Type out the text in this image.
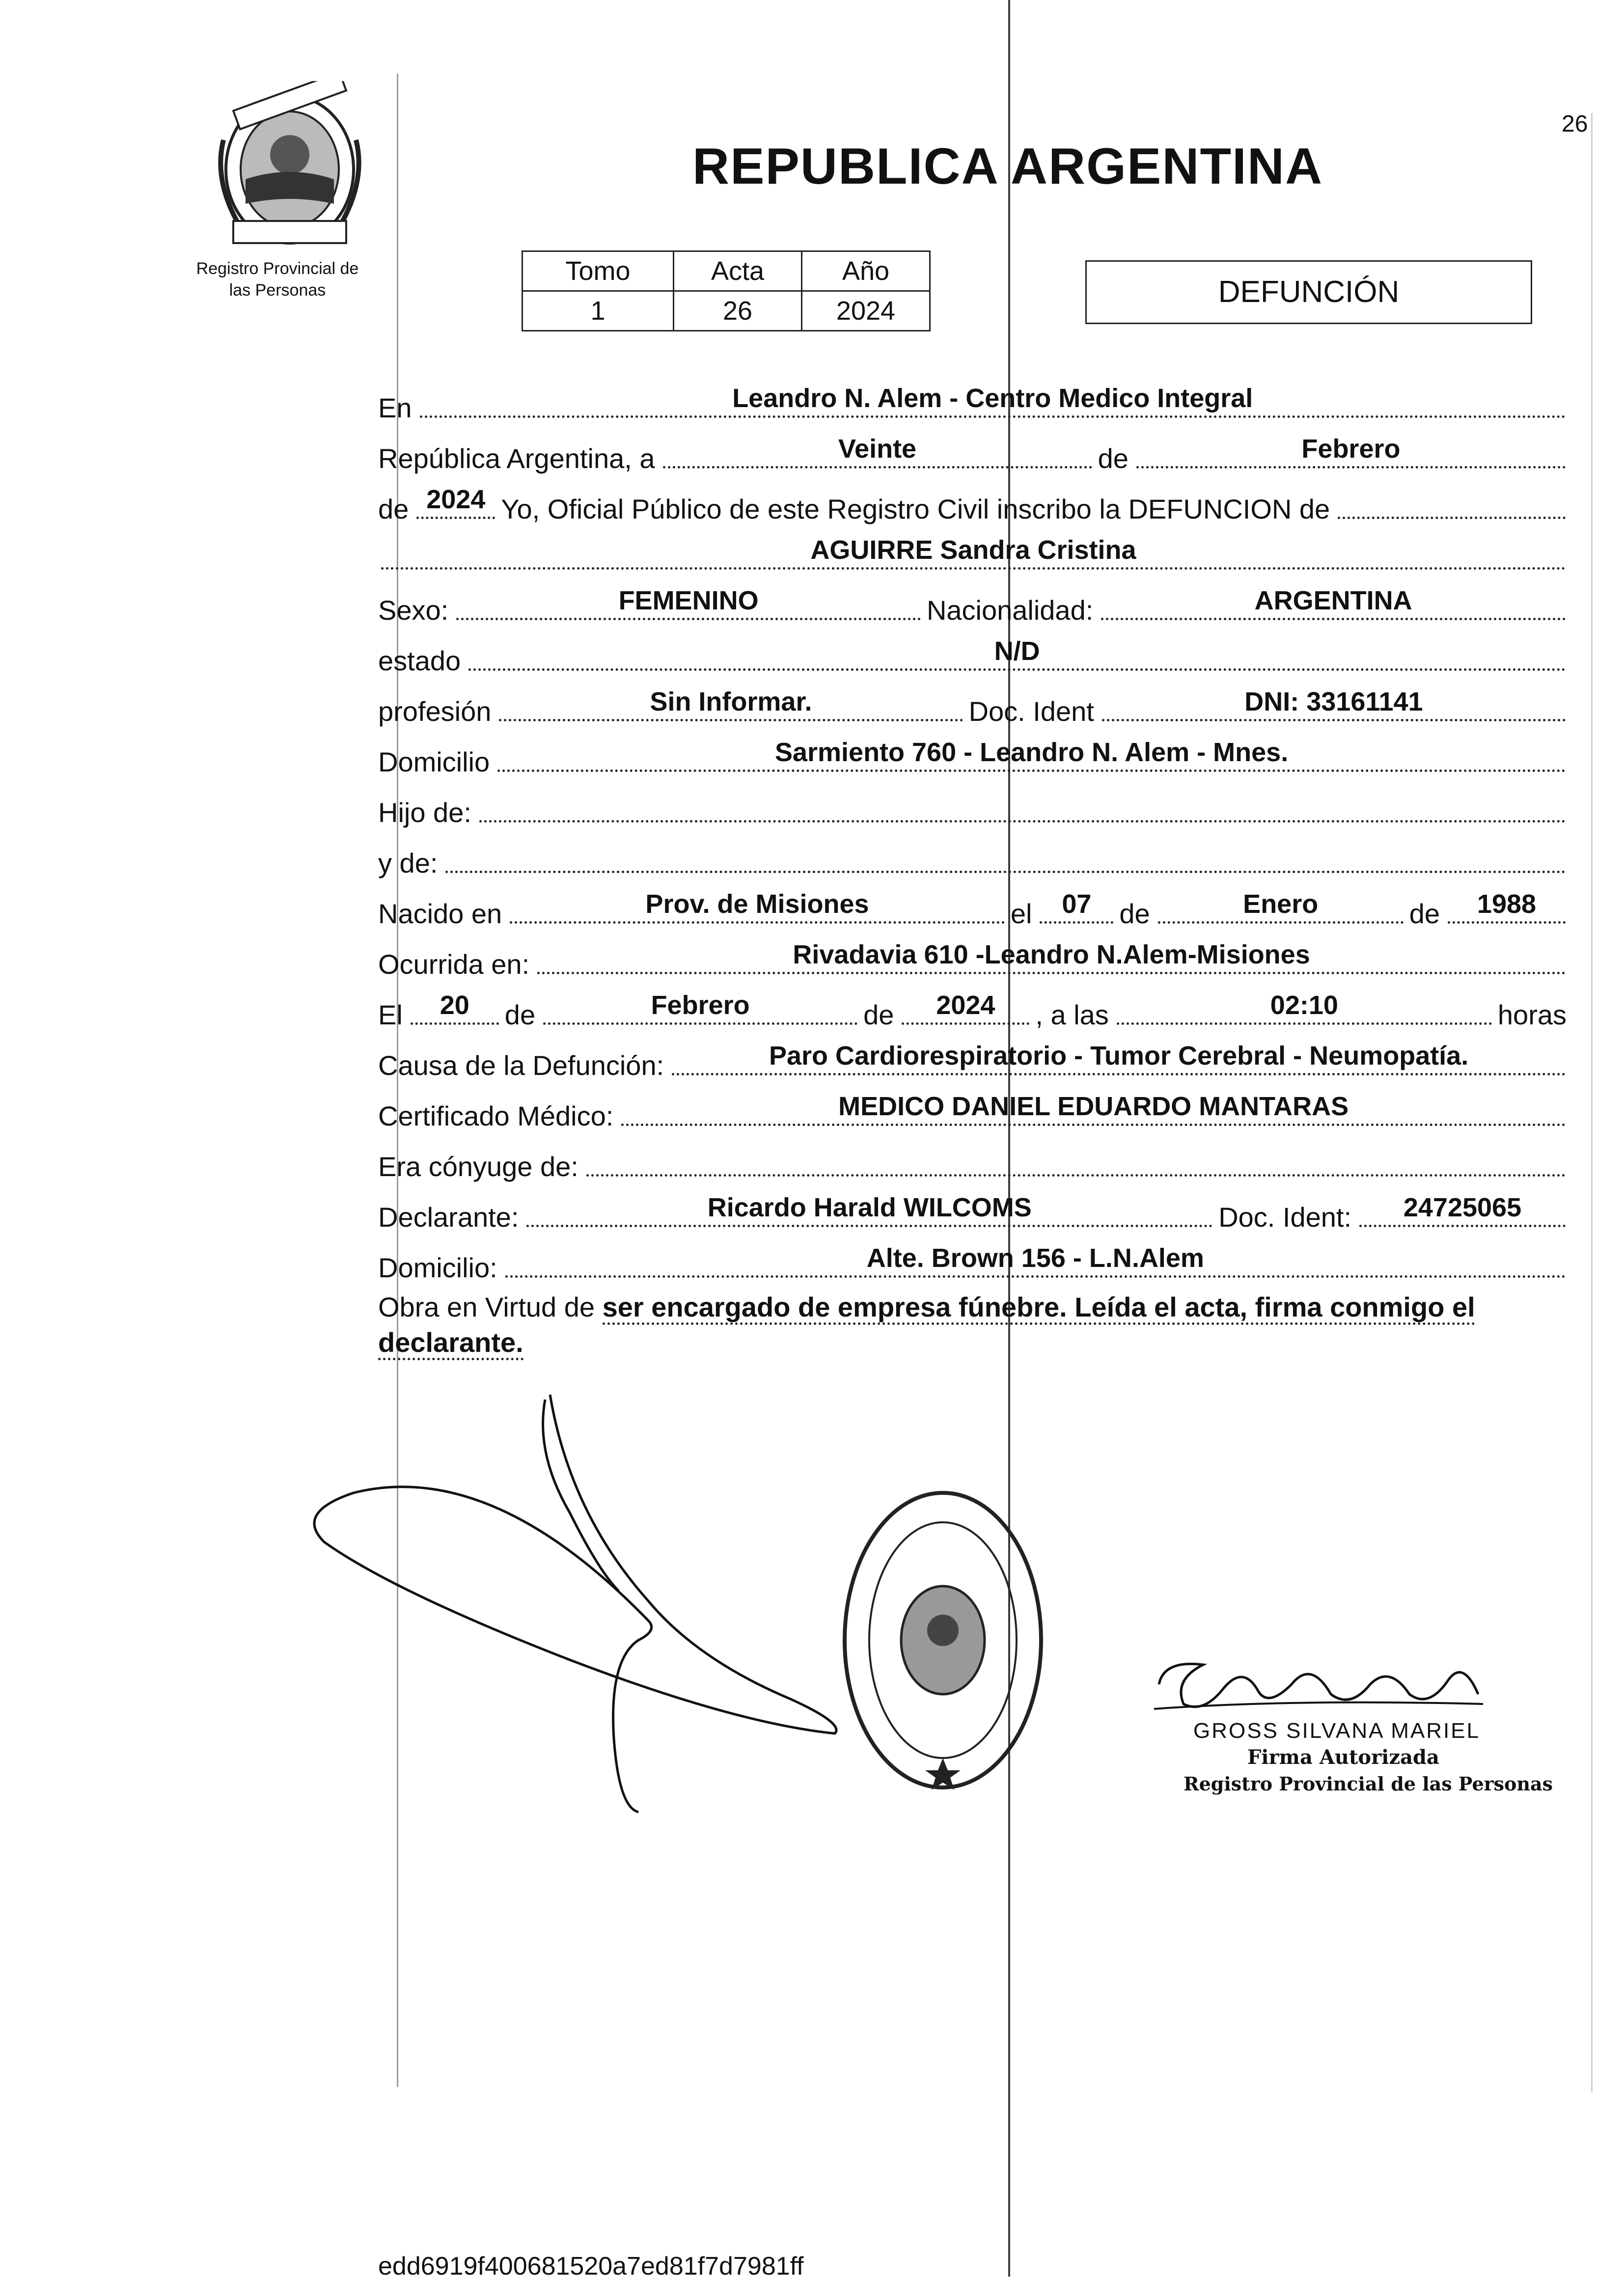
26
Registro Provincial de
las Personas
REPUBLICA ARGENTINA
Tomo	Acta	Año
1	26	2024
DEFUNCIÓN
En	Leandro N. Alem - Centro Medico Integral
República Argentina, a	Veinte	de	Febrero
de 2024 Yo, Oficial Público de este Registro Civil inscribo la DEFUNCION de
AGUIRRE Sandra Cristina
Sexo:	FEMENINO	Nacionalidad:	ARGENTINA
estado	N/D
profesión	Sin Informar.	Doc. Ident	DNI: 33161141
Domicilio	Sarmiento 760 - Leandro N. Alem - Mnes.
Hijo de:
y de:
Nacido en	Prov. de Misiones	el	07	de	Enero	de	1988
Ocurrida en:	Rivadavia 610 -Leandro N.Alem-Misiones
El	20	de	Febrero	de	2024	, a las	02:10	horas
Causa de la Defunción:	Paro Cardiorespiratorio - Tumor Cerebral - Neumopatía.
Certificado Médico:	MEDICO DANIEL EDUARDO MANTARAS
Era cónyuge de:
Declarante:	Ricardo Harald WILCOMS	Doc. Ident:	24725065
Domicilio:	Alte. Brown 156 - L.N.Alem
Obra en Virtud de ser encargado de empresa fúnebre. Leída el acta, firma conmigo el declarante.
GROSS SILVANA MARIEL
Firma Autorizada
Registro Provincial de las Personas
edd6919f400681520a7ed81f7d7981ff
